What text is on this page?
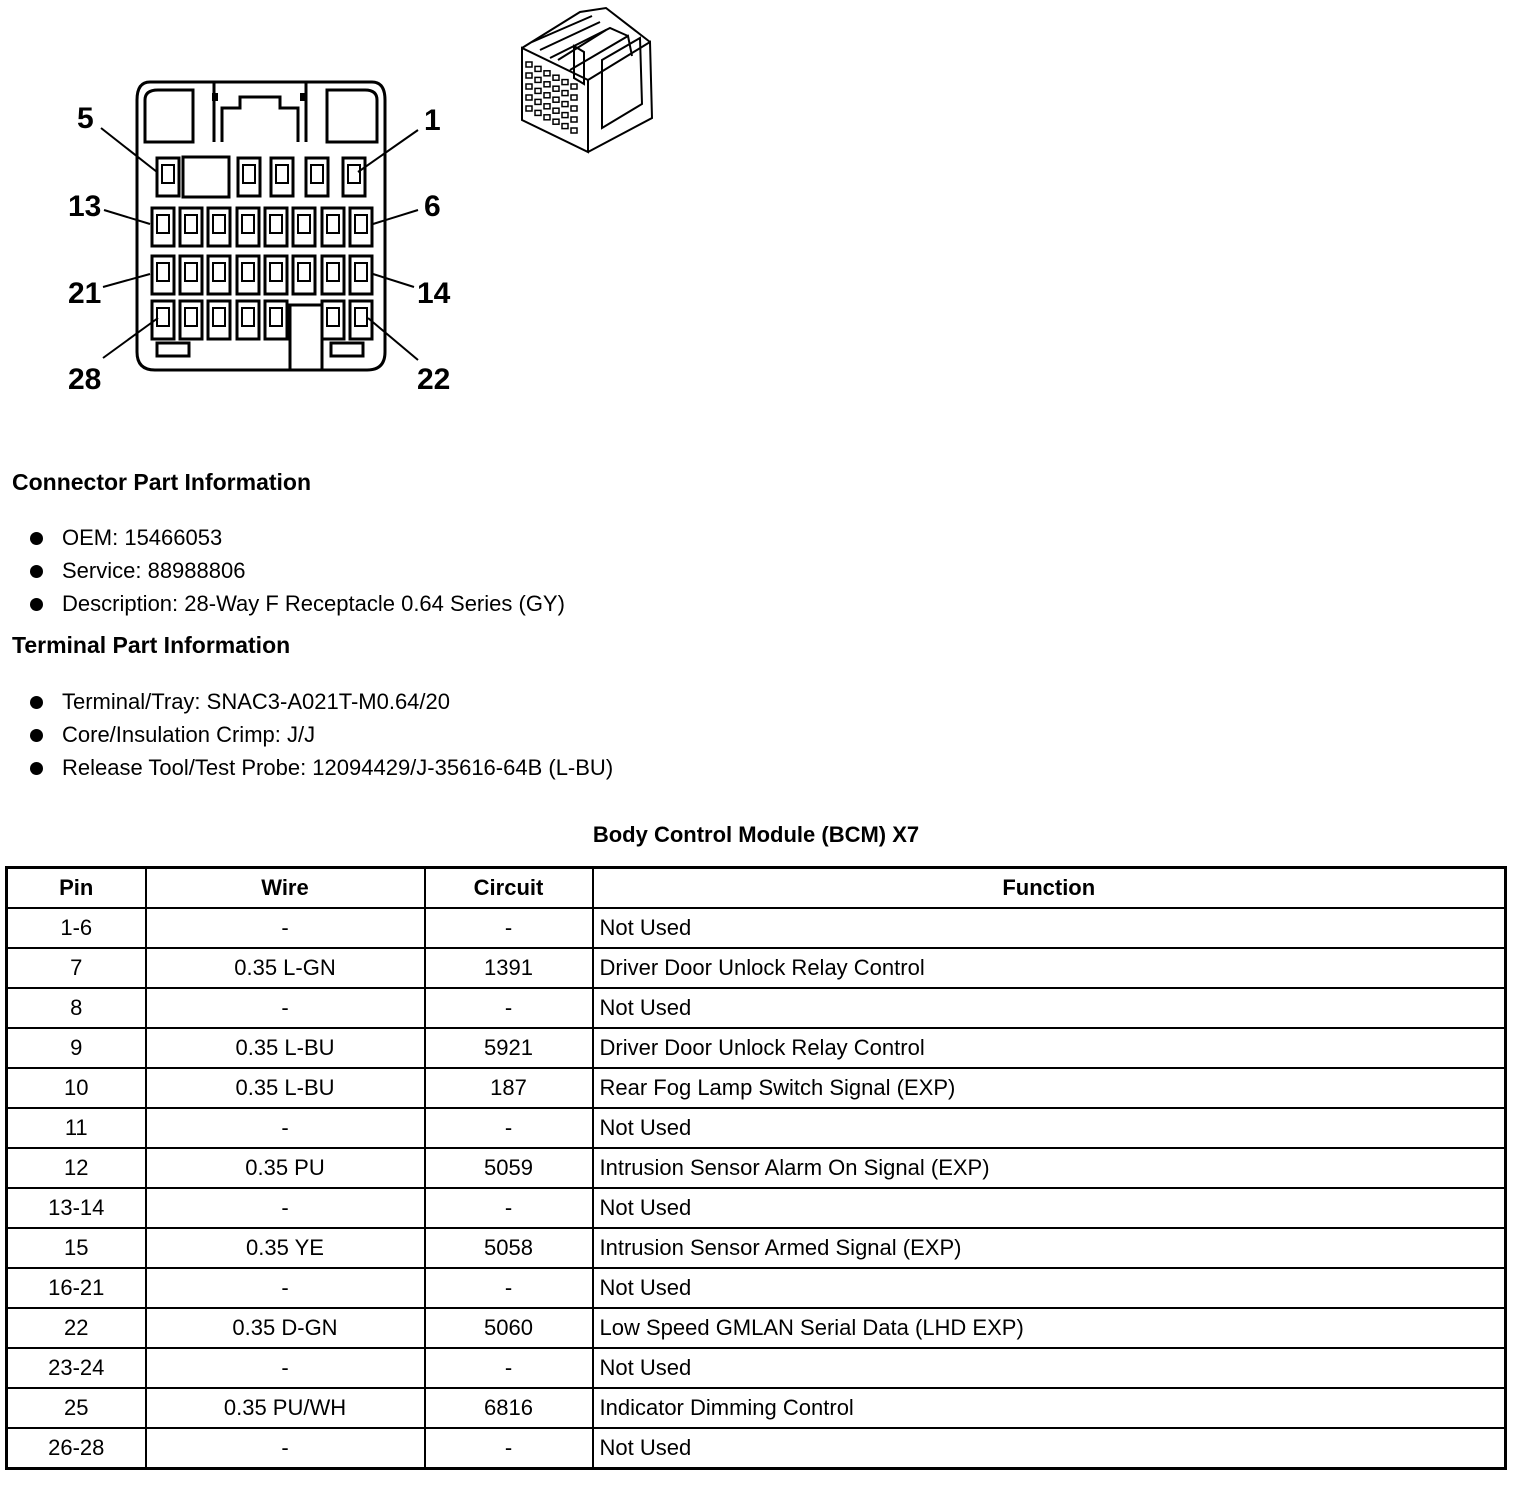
5	1
13	6
21	14
28	22
Connector Part Information
OEM: 15466053
Service: 88988806
Description: 28-Way F Receptacle 0.64 Series (GY)
Terminal Part Information
Terminal/Tray: SNAC3-A021T-M0.64/20
Core/Insulation Crimp: J/J
Release Tool/Test Probe: 12094429/J-35616-64B (L-BU)
Body Control Module (BCM) X7
Pin	Wire	Circuit	Function
1-6	-	-	Not Used
7	0.35 L-GN	1391	Driver Door Unlock Relay Control
8	-	-	Not Used
9	0.35 L-BU	5921	Driver Door Unlock Relay Control
10	0.35 L-BU	187	Rear Fog Lamp Switch Signal (EXP)
11	-	-	Not Used
12	0.35 PU	5059	Intrusion Sensor Alarm On Signal (EXP)
13-14	-	-	Not Used
15	0.35 YE	5058	Intrusion Sensor Armed Signal (EXP)
16-21	-	-	Not Used
22	0.35 D-GN	5060	Low Speed GMLAN Serial Data (LHD EXP)
23-24	-	-	Not Used
25	0.35 PU/WH	6816	Indicator Dimming Control
26-28	-	-	Not Used
